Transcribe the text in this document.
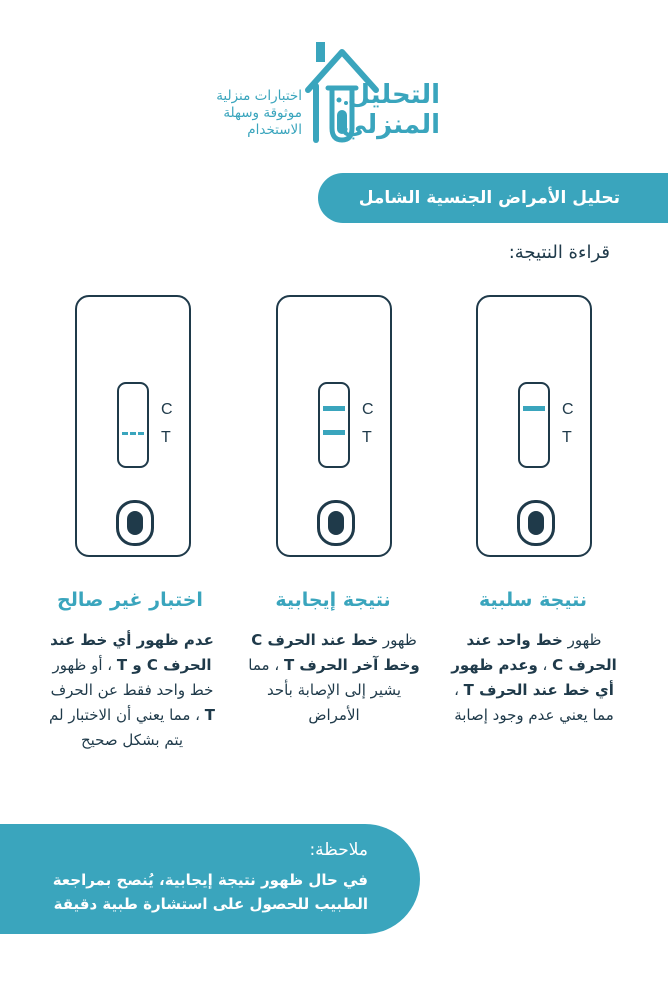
اختبارات منزلية
موثوقة وسهلة
الاستخدام
التحليل
المنزلي
تحليل الأمراض الجنسية الشامل
قراءة النتيجة:
C
T
C
T
C
T
نتيجة سلبية
نتيجة إيجابية
اختبار غير صالح
ظهور خط واحد عند الحرف C ، وعدم ظهور أي خط عند الحرف T ، مما يعني عدم وجود إصابة
ظهور خط عند الحرف C وخط آخر الحرف T ، مما يشير إلى الإصابة بأحد الأمراض
عدم ظهور أي خط عند الحرف C و T ، أو ظهور خط واحد فقط عن الحرف T ، مما يعني أن الاختبار لم يتم بشكل صحيح
ملاحظة:
في حال ظهور نتيجة إيجابية، يُنصح بمراجعة
الطبيب للحصول على استشارة طبية دقيقة
